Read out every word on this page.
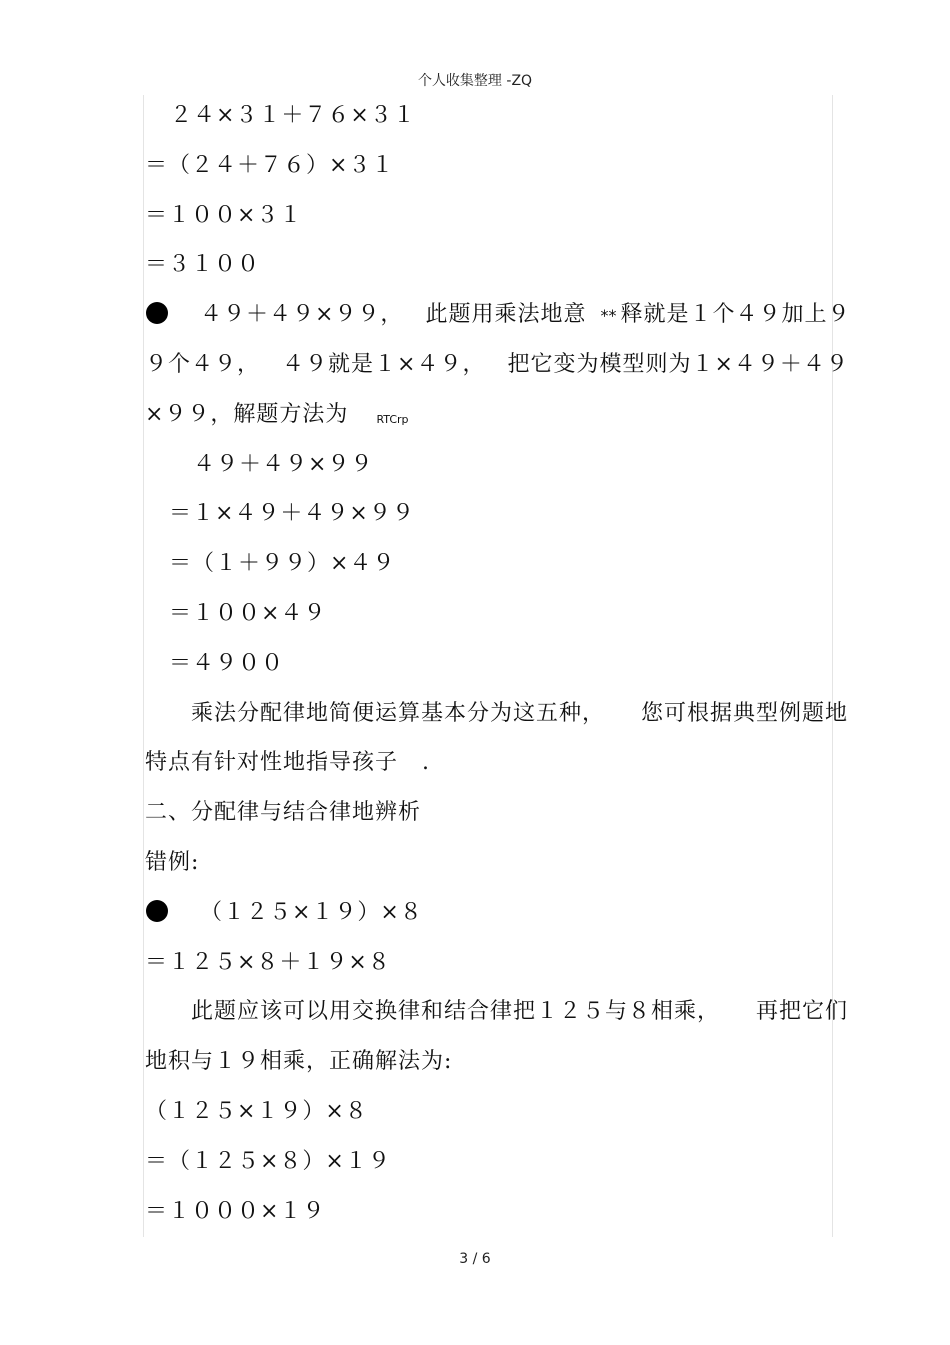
个人收集整理 -ZQ
２４×３１＋７６×３１
＝（２４＋７６）×３１
＝１００×３１
＝３１００
４９＋４９×９９， 此题用乘法地意 ** 释就是１个４９加上９
９个４９， ４９就是１×４９， 把它变为模型则为１×４９＋４９
×９９，解题方法为	RTCrp
４９＋４９×９９
＝１×４９＋４９×９９
＝（１＋９９）×４９
＝１００×４９
＝４９００
乘法分配律地简便运算基本分为这五种， 您可根据典型例题地
特点有针对性地指导孩子 .
二、分配律与结合律地辨析
错例:
（１２５×１９）×８
＝１２５×８＋１９×８
此题应该可以用交换律和结合律把１２５与８相乘， 再把它们
地积与１９相乘，正确解法为:
（１２５×１９）×８
＝（１２５×８）×１９
＝１０００×１９
3 / 6
